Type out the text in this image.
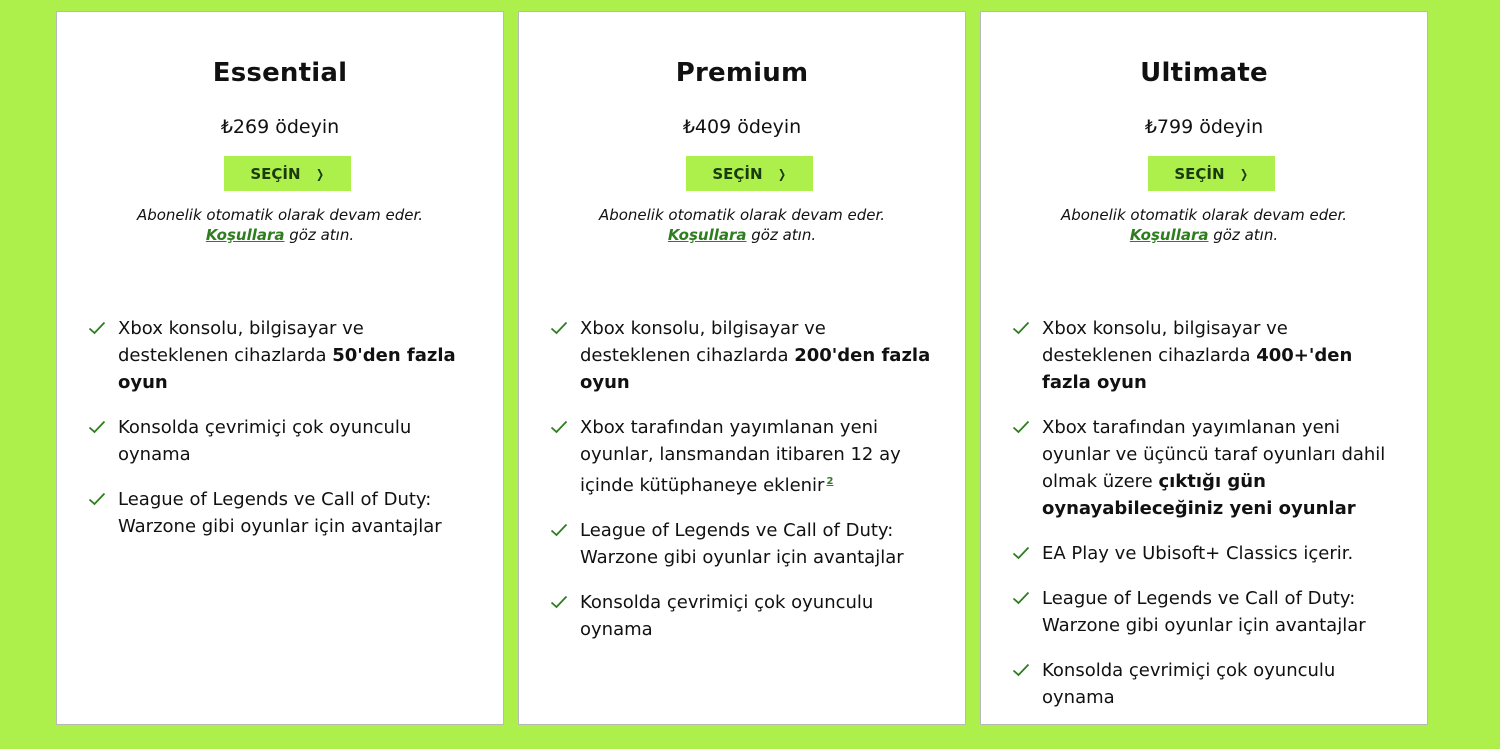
Essential
₺269 ödeyin
SEÇİN ❯
Abonelik otomatik olarak devam eder.
Koşullara göz atın.
Xbox konsolu, bilgisayar ve desteklenen cihazlarda 50'den fazla oyun
Konsolda çevrimiçi çok oyunculu oynama
League of Legends ve Call of Duty: Warzone gibi oyunlar için avantajlar
Premium
₺409 ödeyin
SEÇİN ❯
Abonelik otomatik olarak devam eder.
Koşullara göz atın.
Xbox konsolu, bilgisayar ve desteklenen cihazlarda 200'den fazla oyun
Xbox tarafından yayımlanan yeni oyunlar, lansmandan itibaren 12 ay içinde kütüphaneye eklenir $^2$
League of Legends ve Call of Duty: Warzone gibi oyunlar için avantajlar
Konsolda çevrimiçi çok oyunculu oynama
Ultimate
₺799 ödeyin
SEÇİN ❯
Abonelik otomatik olarak devam eder.
Koşullara göz atın.
Xbox konsolu, bilgisayar ve desteklenen cihazlarda 400+'den fazla oyun
Xbox tarafından yayımlanan yeni oyunlar ve üçüncü taraf oyunları dahil olmak üzere çıktığı gün oynayabileceğiniz yeni oyunlar
EA Play ve Ubisoft+ Classics içerir.
League of Legends ve Call of Duty: Warzone gibi oyunlar için avantajlar
Konsolda çevrimiçi çok oyunculu oynama
